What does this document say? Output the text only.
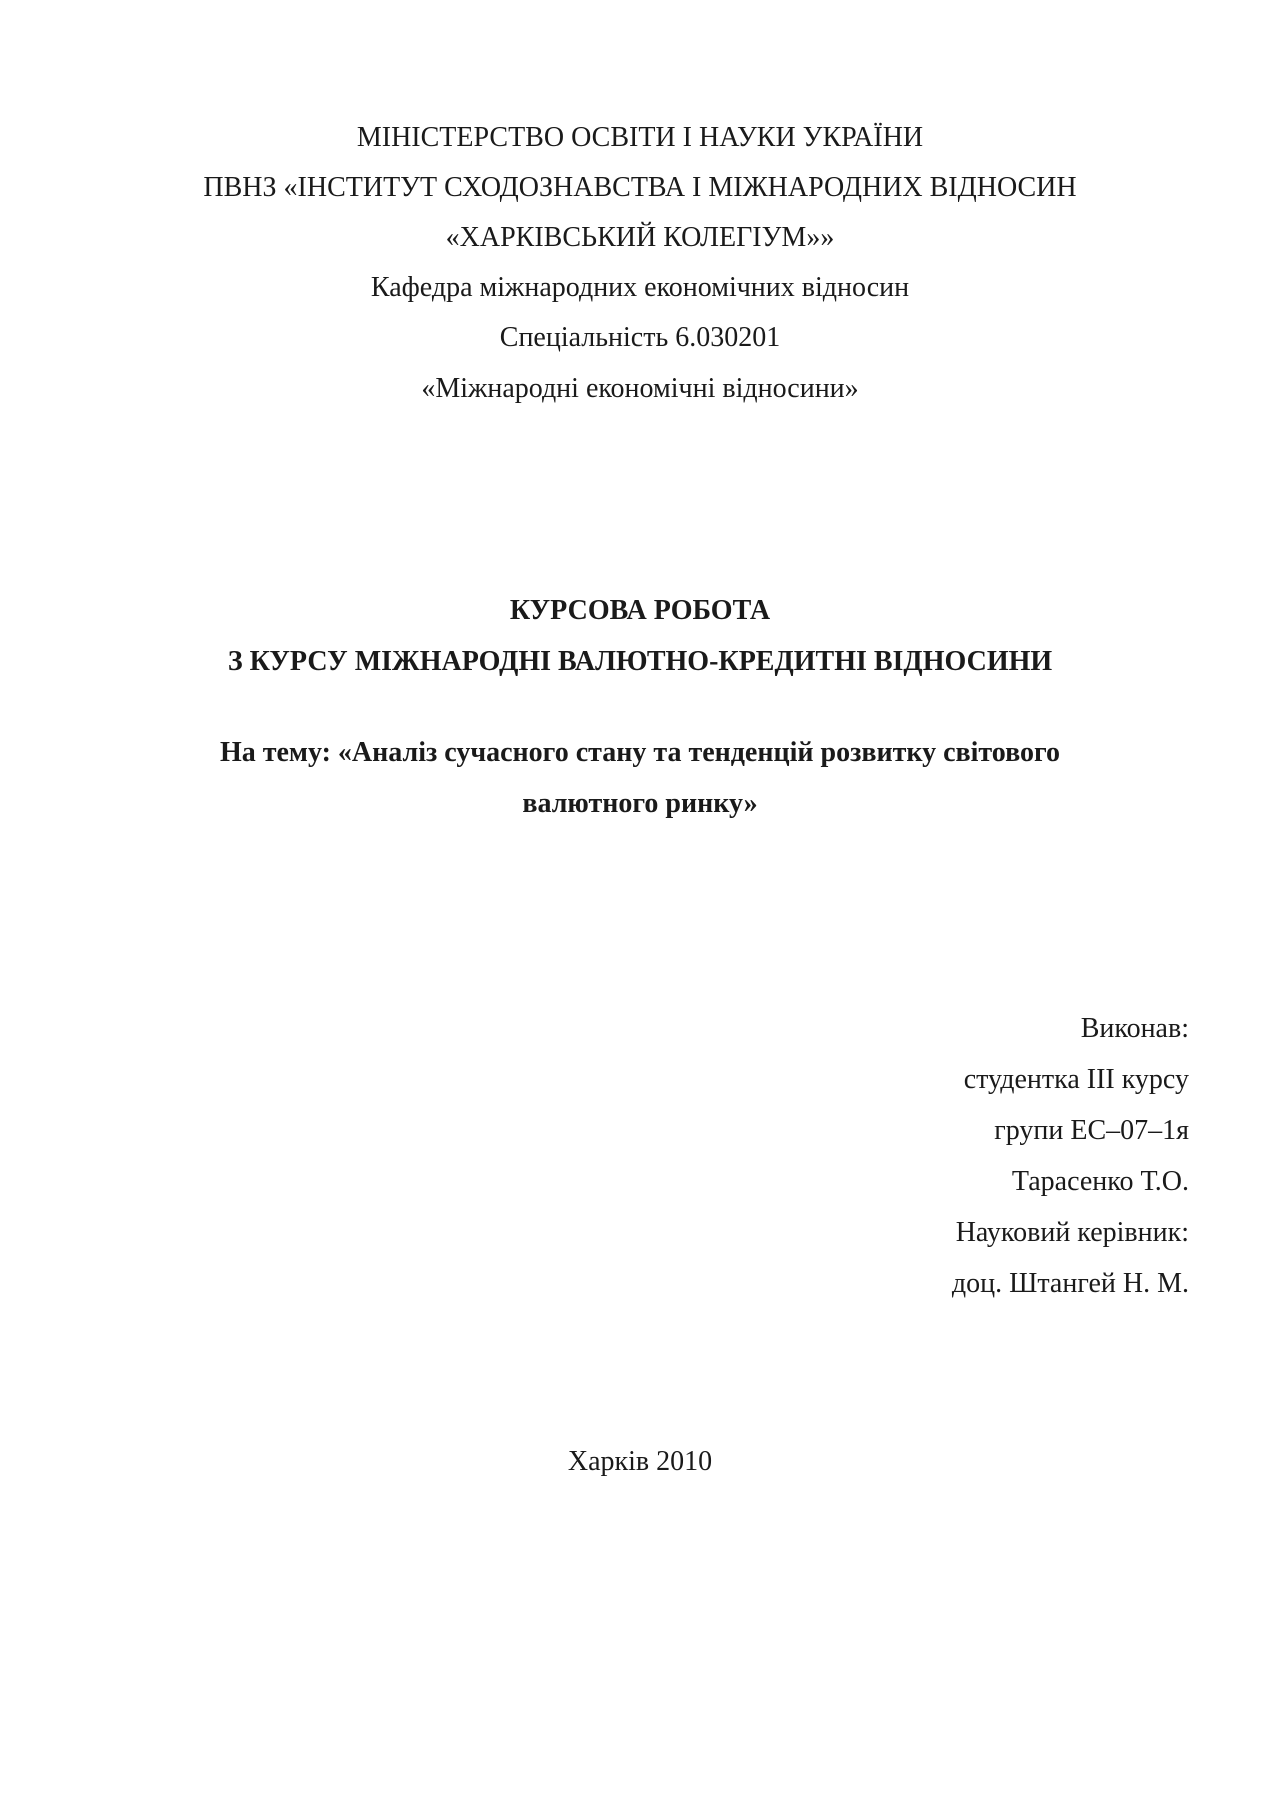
МІНІСТЕРСТВО ОСВІТИ І НАУКИ УКРАЇНИ
ПВНЗ «ІНСТИТУТ СХОДОЗНАВСТВА І МІЖНАРОДНИХ ВІДНОСИН
«ХАРКІВСЬКИЙ КОЛЕГІУМ»»
Кафедра міжнародних економічних відносин
Спеціальність 6.030201
«Міжнародні економічні відносини»
КУРСОВА РОБОТА
З КУРСУ МІЖНАРОДНІ ВАЛЮТНО-КРЕДИТНІ ВІДНОСИНИ
На тему: «Аналіз сучасного стану та тенденцій розвитку світового
валютного ринку»
Виконав:
студентка ІІІ курсу
групи ЕС–07–1я
Тарасенко Т.О.
Науковий керівник:
доц. Штангей Н. М.
Харків 2010
